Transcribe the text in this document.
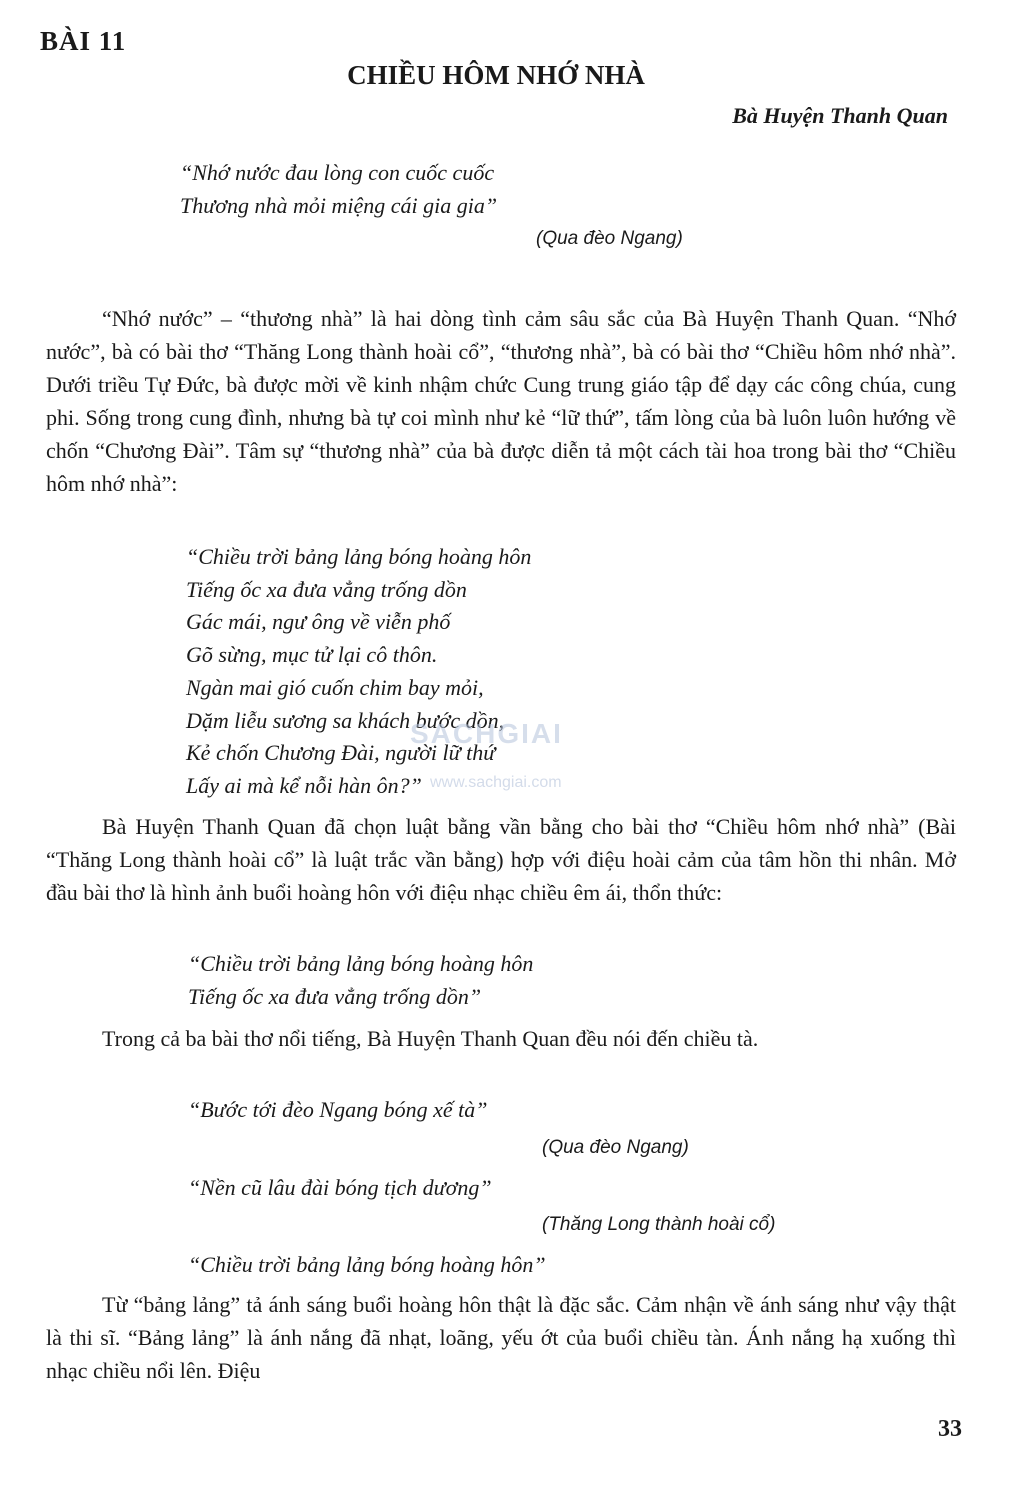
BÀI 11
CHIỀU HÔM NHỚ NHÀ
Bà Huyện Thanh Quan
“Nhớ nước đau lòng con cuốc cuốc
Thương nhà mỏi miệng cái gia gia”
(Qua đèo Ngang)
“Nhớ nước” – “thương nhà” là hai dòng tình cảm sâu sắc của Bà Huyện Thanh Quan. “Nhớ nước”, bà có bài thơ “Thăng Long thành hoài cổ”, “thương nhà”, bà có bài thơ “Chiều hôm nhớ nhà”. Dưới triều Tự Đức, bà được mời về kinh nhậm chức Cung trung giáo tập để dạy các công chúa, cung phi. Sống trong cung đình, nhưng bà tự coi mình như kẻ “lữ thứ”, tấm lòng của bà luôn luôn hướng về chốn “Chương Đài”. Tâm sự “thương nhà” của bà được diễn tả một cách tài hoa trong bài thơ “Chiều hôm nhớ nhà”:
“Chiều trời bảng lảng bóng hoàng hôn
Tiếng ốc xa đưa vẳng trống dồn
Gác mái, ngư ông về viễn phố
Gõ sừng, mục tử lại cô thôn.
Ngàn mai gió cuốn chim bay mỏi,
Dặm liễu sương sa khách bước dồn,
Kẻ chốn Chương Đài, người lữ thứ
Lấy ai mà kể nỗi hàn ôn?”
Bà Huyện Thanh Quan đã chọn luật bằng vần bằng cho bài thơ “Chiều hôm nhớ nhà” (Bài “Thăng Long thành hoài cổ” là luật trắc vần bằng) hợp với điệu hoài cảm của tâm hồn thi nhân. Mở đầu bài thơ là hình ảnh buổi hoàng hôn với điệu nhạc chiều êm ái, thổn thức:
“Chiều trời bảng lảng bóng hoàng hôn
Tiếng ốc xa đưa vẳng trống dồn”
Trong cả ba bài thơ nổi tiếng, Bà Huyện Thanh Quan đều nói đến chiều tà.
“Bước tới đèo Ngang bóng xế tà”
(Qua đèo Ngang)
“Nền cũ lâu đài bóng tịch dương”
(Thăng Long thành hoài cổ)
“Chiều trời bảng lảng bóng hoàng hôn”
Từ “bảng lảng” tả ánh sáng buổi hoàng hôn thật là đặc sắc. Cảm nhận về ánh sáng như vậy thật là thi sĩ. “Bảng lảng” là ánh nắng đã nhạt, loãng, yếu ớt của buổi chiều tàn. Ánh nắng hạ xuống thì nhạc chiều nổi lên. Điệu
SACHGIAI
www.sachgiai.com
33
